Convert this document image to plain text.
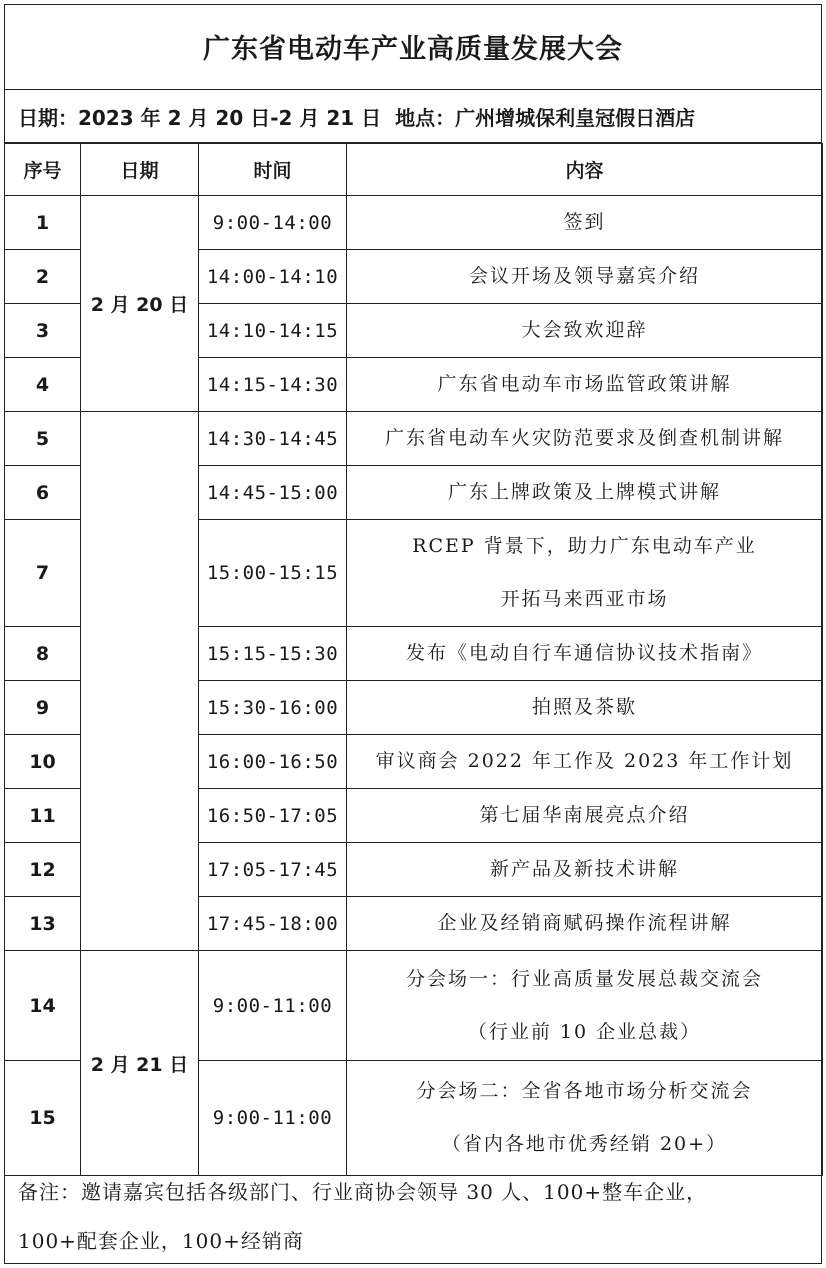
广东省电动车产业高质量发展大会
日期： 2023 年 2 月 20 日-2 月 21 日 地点： 广州增城保利皇冠假日酒店
序号	日期	时间	内容
1	2 月 20 日	9:00-14:00	签到

2		14:00-14:10	会议开场及领导嘉宾介绍

3		14:10-14:15	大会致欢迎辞

4		14:15-14:30	广东省电动车市场监管政策讲解

5		14:30-14:45	广东省电动车火灾防范要求及倒查机制讲解

6		14:45-15:00	广东上牌政策及上牌模式讲解

7		15:00-15:15	RCEP 背景下，助力广东电动车产业
开拓马来西亚市场

8		15:15-15:30	发布《电动自行车通信协议技术指南》

9		15:30-16:00	拍照及茶歇

10		16:00-16:50	审议商会 2022 年工作及 2023 年工作计划

11		16:50-17:05	第七届华南展亮点介绍

12		17:05-17:45	新产品及新技术讲解

13		17:45-18:00	企业及经销商赋码操作流程讲解

14	2 月 21 日	9:00-11:00	分会场一：行业高质量发展总裁交流会
（行业前 10 企业总裁）

15		9:00-11:00	分会场二：全省各地市场分析交流会
（省内各地市优秀经销 20+）
备注：邀请嘉宾包括各级部门、行业商协会领导 30 人、100+整车企业，
100+配套企业，100+经销商
